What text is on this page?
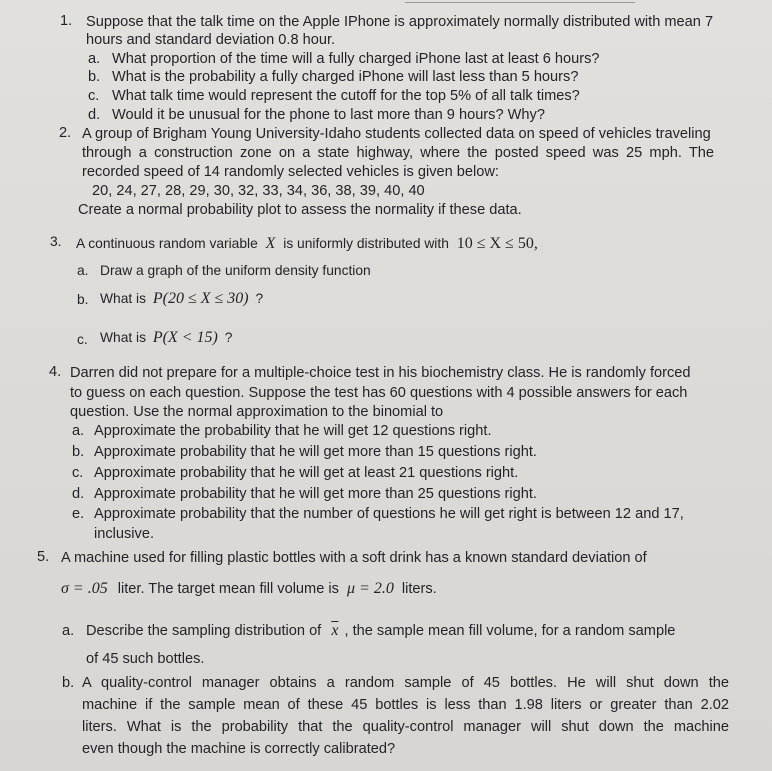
1. Suppose that the talk time on the Apple IPhone is approximately normally distributed with mean 7
hours and standard deviation 0.8 hour.
a. What proportion of the time will a fully charged iPhone last at least 6 hours?
b. What is the probability a fully charged iPhone will last less than 5 hours?
c. What talk time would represent the cutoff for the top 5% of all talk times?
d. Would it be unusual for the phone to last more than 9 hours? Why?
2. A group of Brigham Young University-Idaho students collected data on speed of vehicles traveling
through a construction zone on a state highway, where the posted speed was 25 mph. The
recorded speed of 14 randomly selected vehicles is given below:
20, 24, 27, 28, 29, 30, 32, 33, 34, 36, 38, 39, 40, 40
Create a normal probability plot to assess the normality if these data.
3. A continuous random variable X is uniformly distributed with 10 ≤ X ≤ 50,
a. Draw a graph of the uniform density function
b. What is P(20 ≤ X ≤ 30) ?
c. What is P(X < 15) ?
4. Darren did not prepare for a multiple-choice test in his biochemistry class. He is randomly forced
to guess on each question. Suppose the test has 60 questions with 4 possible answers for each
question. Use the normal approximation to the binomial to
a. Approximate the probability that he will get 12 questions right.
b. Approximate probability that he will get more than 15 questions right.
c. Approximate probability that he will get at least 21 questions right.
d. Approximate probability that he will get more than 25 questions right.
e. Approximate probability that the number of questions he will get right is between 12 and 17,
inclusive.
5. A machine used for filling plastic bottles with a soft drink has a known standard deviation of
σ = .05 liter. The target mean fill volume is μ = 2.0 liters.
a. Describe the sampling distribution of $\overline{x}$ , the sample mean fill volume, for a random sample
of 45 such bottles.
b. A quality-control manager obtains a random sample of 45 bottles. He will shut down the
machine if the sample mean of these 45 bottles is less than 1.98 liters or greater than 2.02
liters. What is the probability that the quality-control manager will shut down the machine
even though the machine is correctly calibrated?
